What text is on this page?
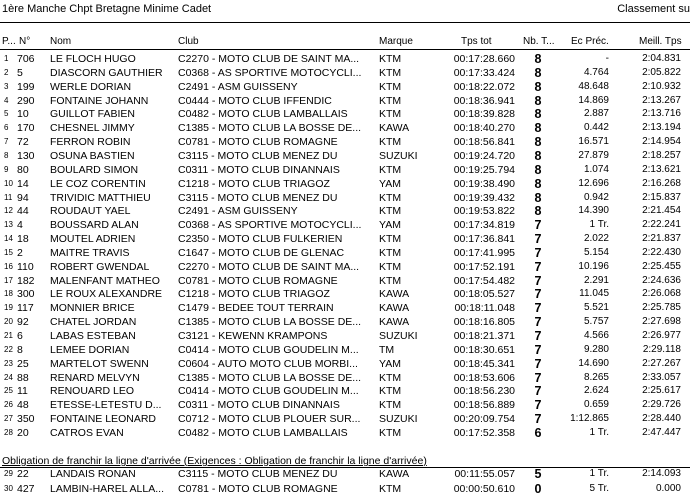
1ère Manche Chpt Bretagne Minime Cadet	Classement su
P... N° Nom	Club	Marque	Tps tot	Nb. T... Ec Préc.	Meill. Tps
1 706 LE FLOCH HUGO	C2270 - MOTO CLUB DE SAINT MA...	KTM	00:17:28.660	8	-	2:04.831
2 5	DIASCORN GAUTHIER C0368 - AS SPORTIVE MOTOCYCLI...	KTM	00:17:33.424	8	4.764	2:05.822
3 199 WERLE DORIAN	C2491 - ASM GUISSENY	KTM	00:18:22.072	8	48.648	2:10.932
4 290 FONTAINE JOHANN	C0444 - MOTO CLUB IFFENDIC	KTM	00:18:36.941	8	14.869	2:13.267
5 10 GUILLOT FABIEN	C0482 - MOTO CLUB LAMBALLAIS	KTM	00:18:39.828	8	2.887	2:13.716
6 170 CHESNEL JIMMY	C1385 - MOTO CLUB LA BOSSE DE...	KAWA	00:18:40.270	8	0.442	2:13.194
7 72 FERRON ROBIN	C0781 - MOTO CLUB ROMAGNE	KTM	00:18:56.841	8	16.571	2:14.954
8 130 OSUNA BASTIEN	C3115 - MOTO CLUB MENEZ DU	SUZUKI	00:19:24.720	8	27.879	2:18.257
9 80 BOULARD SIMON	C0311 - MOTO CLUB DINANNAIS	KTM	00:19:25.794	8	1.074	2:13.621
10 14 LE COZ CORENTIN	C1218 - MOTO CLUB TRIAGOZ	YAM	00:19:38.490	8	12.696	2:16.268
11 94 TRIVIDIC MATTHIEU	C3115 - MOTO CLUB MENEZ DU	KTM	00:19:39.432	8	0.942	2:15.837
12 44 ROUDAUT YAEL	C2491 - ASM GUISSENY	KTM	00:19:53.822	8	14.390	2:21.454
13 4	BOUSSARD ALAN	C0368 - AS SPORTIVE MOTOCYCLI...	YAM	00:17:34.819	7	1 Tr.	2:22.241
14 18 MOUTEL ADRIEN	C2350 - MOTO CLUB FULKERIEN	KTM	00:17:36.841	7	2.022	2:21.837
15 2	MAITRE TRAVIS	C1647 - MOTO CLUB DE GLENAC	KTM	00:17:41.995	7	5.154	2:22.430
16 110 ROBERT GWENDAL	C2270 - MOTO CLUB DE SAINT MA...	KTM	00:17:52.191	7	10.196	2:25.455
17 182 MALENFANT MATHEO C0781 - MOTO CLUB ROMAGNE	KTM	00:17:54.482	7	2.291	2:24.636
18 300 LE ROUX ALEXANDRE C1218 - MOTO CLUB TRIAGOZ	KAWA	00:18:05.527	7	11.045	2:26.068
19 117 MONNIER BRICE	C1479 - BEDEE TOUT TERRAIN	KAWA	00:18:11.048	7	5.521	2:25.785
20 92 CHATEL JORDAN	C1385 - MOTO CLUB LA BOSSE DE...	KAWA	00:18:16.805	7	5.757	2:27.698
21 6	LABAS ESTEBAN	C3121 - KEWENN KRAMPONS	SUZUKI	00:18:21.371	7	4.566	2:26.977
22 8	LEMEE DORIAN	C0414 - MOTO CLUB GOUDELIN M...	TM	00:18:30.651	7	9.280	2:29.118
23 25 MARTELOT SWENN	C0604 - AUTO MOTO CLUB MORBI...	YAM	00:18:45.341	7	14.690	2:27.267
24 88 RENARD MELVYN	C1385 - MOTO CLUB LA BOSSE DE...	KTM	00:18:53.606	7	8.265	2:33.057
25 11 RENOUARD LEO	C0414 - MOTO CLUB GOUDELIN M...	KTM	00:18:56.230	7	2.624	2:25.617
26 48 ETESSE-LETESTU D... C0311 - MOTO CLUB DINANNAIS	KTM	00:18:56.889	7	0.659	2:29.726
27 350 FONTAINE LEONARD C0712 - MOTO CLUB PLOUER SUR...	SUZUKI	00:20:09.754	7	1:12.865	2:28.440
28 20 CATROS EVAN	C0482 - MOTO CLUB LAMBALLAIS	KTM	00:17:52.358	6	1 Tr.	2:47.447
Obligation de franchir la ligne d'arrivée (Exigences : Obligation de franchir la ligne d'arrivée)
29 22 LANDAIS RONAN	C3115 - MOTO CLUB MENEZ DU	KAWA	00:11:55.057	5	1 Tr.	2:14.093
30 427 LAMBIN-HAREL ALLA... C0781 - MOTO CLUB ROMAGNE	KTM	00:00:50.610	0	5 Tr.	0.000
